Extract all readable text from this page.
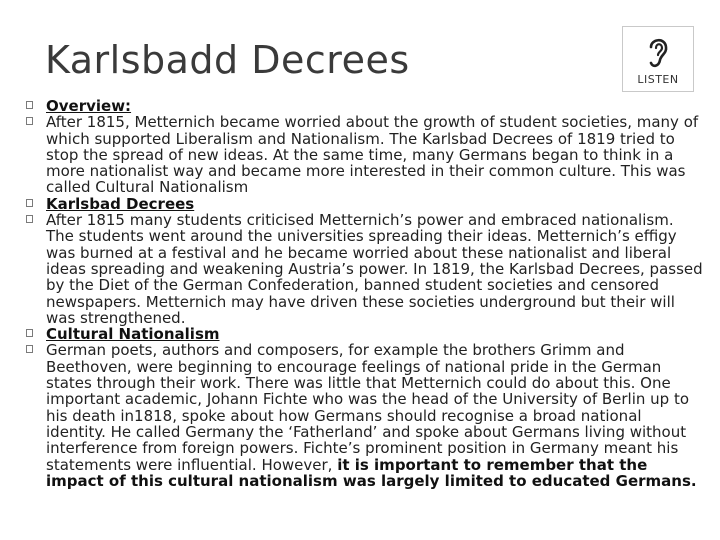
Karlsbadd Decrees	LISTEN
Overview:
After 1815, Metternich became worried about the growth of student societies, many of which supported Liberalism and Nationalism. The Karlsbad Decrees of 1819 tried to stop the spread of new ideas. At the same time, many Germans began to think in a more nationalist way and became more interested in their common culture. This was called Cultural Nationalism
Karlsbad Decrees
After 1815 many students criticised Metternich’s power and embraced nationalism. The students went around the universities spreading their ideas. Metternich’s effigy was burned at a festival and he became worried about these nationalist and liberal ideas spreading and weakening Austria’s power. In 1819, the Karlsbad Decrees, passed by the Diet of the German Confederation, banned student societies and censored newspapers. Metternich may have driven these societies underground but their will was strengthened.
Cultural Nationalism
German poets, authors and composers, for example the brothers Grimm and Beethoven, were beginning to encourage feelings of national pride in the German states through their work. There was little that Metternich could do about this. One important academic, Johann Fichte who was the head of the University of Berlin up to his death in1818, spoke about how Germans should recognise a broad national identity. He called Germany the ‘Fatherland’ and spoke about Germans living without interference from foreign powers. Fichte’s prominent position in Germany meant his statements were influential. However, it is important to remember that the impact of this cultural nationalism was largely limited to educated Germans.
